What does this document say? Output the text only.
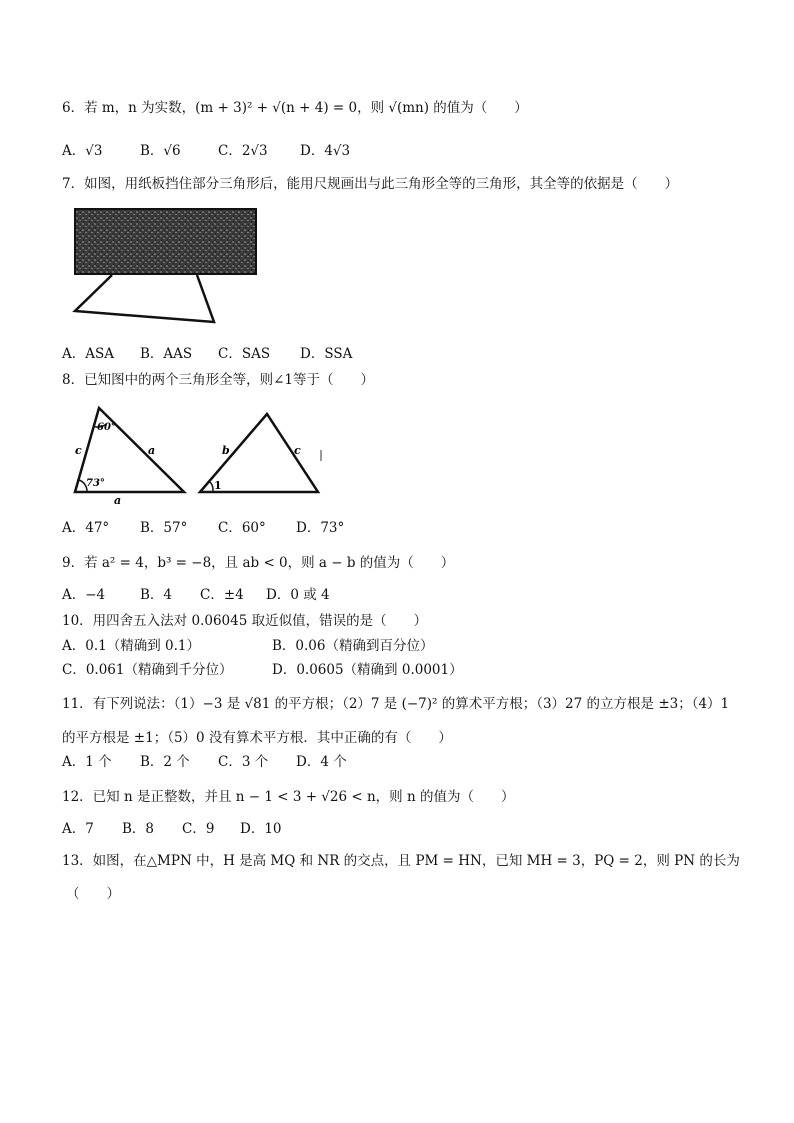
6．若 m，n 为实数，(m + 3)² + √(n + 4) = 0，则 √(mn) 的值为（　　）
A．√3	B．√6	C．2√3 D．4√3
7．如图，用纸板挡住部分三角形后，能用尺规画出与此三角形全等的三角形，其全等的依据是（　　）
A．ASA B．AAS C．SAS D．SSA
8．已知图中的两个三角形全等，则∠1等于（　　）
60°
73°
c	a
a
1
b	c
A．47° B．57° C．60° D．73°
9．若 a² = 4，b³ = −8，且 ab < 0，则 a − b 的值为（　　）
A．−4	B．4 C．±4 D．0 或 4
10．用四舍五入法对 0.06045 取近似值，错误的是（　　）
A．0.1（精确到 0.1）	B．0.06（精确到百分位）
C．0.061（精确到千分位）	D．0.0605（精确到 0.0001）
11．有下列说法：（1）−3 是 √81 的平方根；（2）7 是 (−7)² 的算术平方根；（3）27 的立方根是 ±3；（4）1
的平方根是 ±1；（5）0 没有算术平方根．其中正确的有（　　）
A．1 个 B．2 个 C．3 个 D．4 个
12．已知 n 是正整数，并且 n − 1 < 3 + √26 < n，则 n 的值为（　　）
A．7 B．8 C．9 D．10
13．如图，在△MPN 中，H 是高 MQ 和 NR 的交点，且 PM = HN，已知 MH = 3，PQ = 2，则 PN 的长为
（　　）
